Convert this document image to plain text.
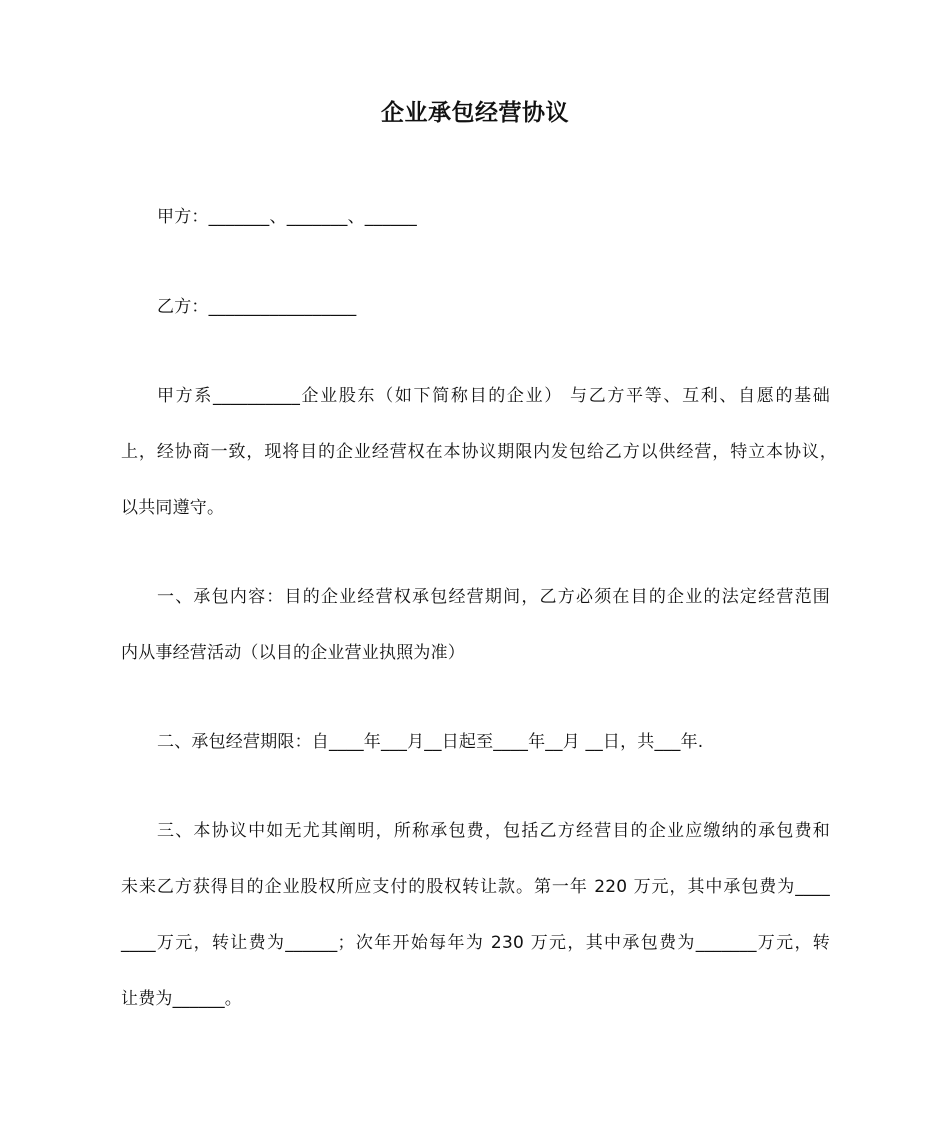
企业承包经营协议
甲方：_______、_______、______
乙方：_________________
甲方系__________企业股东（如下简称目的企业） 与乙方平等、互利、自愿的基础
上，经协商一致，现将目的企业经营权在本协议期限内发包给乙方以供经营，特立本协议，
以共同遵守。
一、承包内容：目的企业经营权承包经营期间，乙方必须在目的企业的法定经营范围
内从事经营活动（以目的企业营业执照为准）
二、承包经营期限：自____年___月__日起至____年__月 __日，共___年.
三、本协议中如无尤其阐明，所称承包费，包括乙方经营目的企业应缴纳的承包费和
未来乙方获得目的企业股权所应支付的股权转让款。第一年 220 万元，其中承包费为____
____万元，转让费为______；次年开始每年为 230 万元，其中承包费为_______万元，转
让费为______。
